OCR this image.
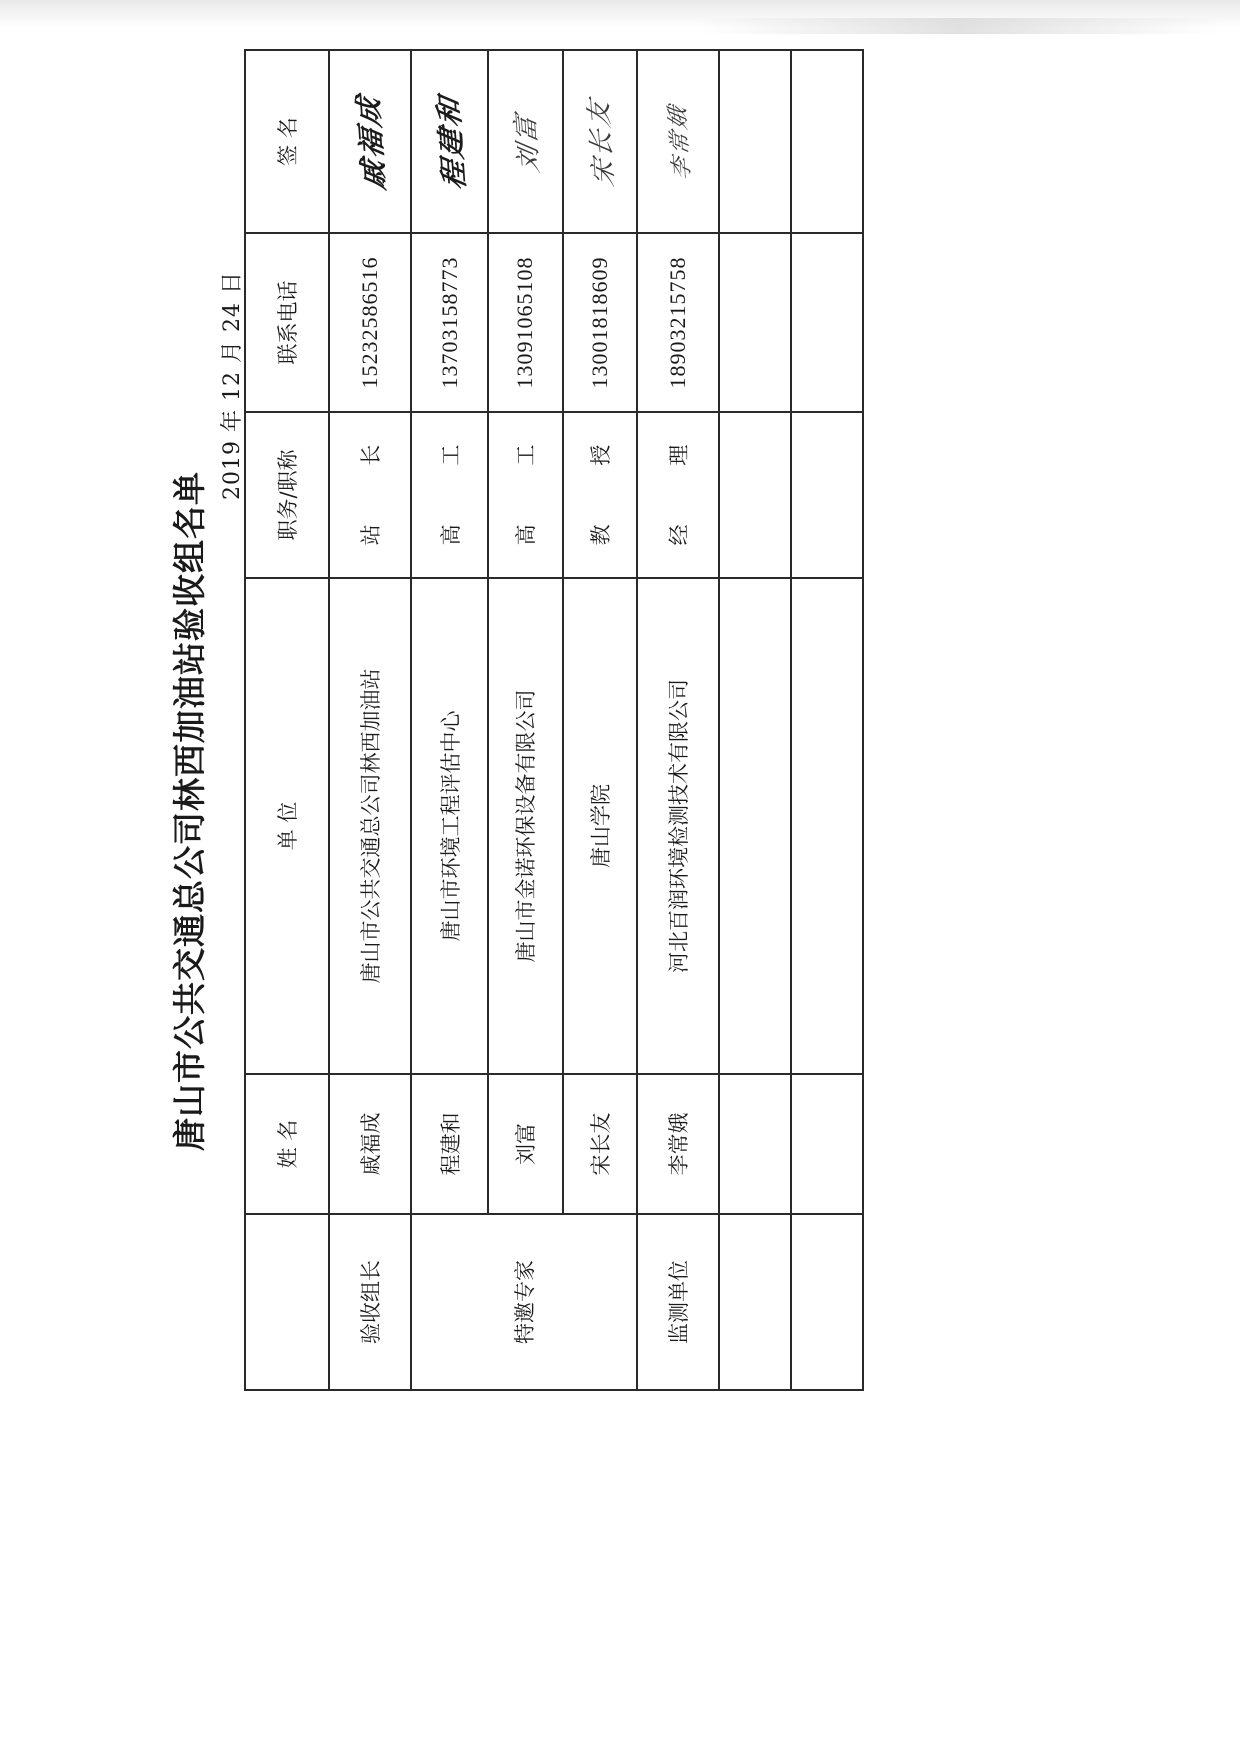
唐山市公共交通总公司林西加油站验收组名单
2019 年 12 月 24 日
	姓 名	单 位	职务/职称	联系电话	签 名
验收组长	戚福成	唐山市公共交通总公司林西加油站	站 长	15232586516	戚福成
特邀专家	程建和	唐山市环境工程评估中心	高 工	13703158773	程建和
	刘富	唐山市金诺环保设备有限公司	高 工	13091065108	刘富
	宋长友	唐山学院	教 授	13001818609	宋长友
监测单位	李常娥	河北百润环境检测技术有限公司	经 理	18903215758	李常娥
